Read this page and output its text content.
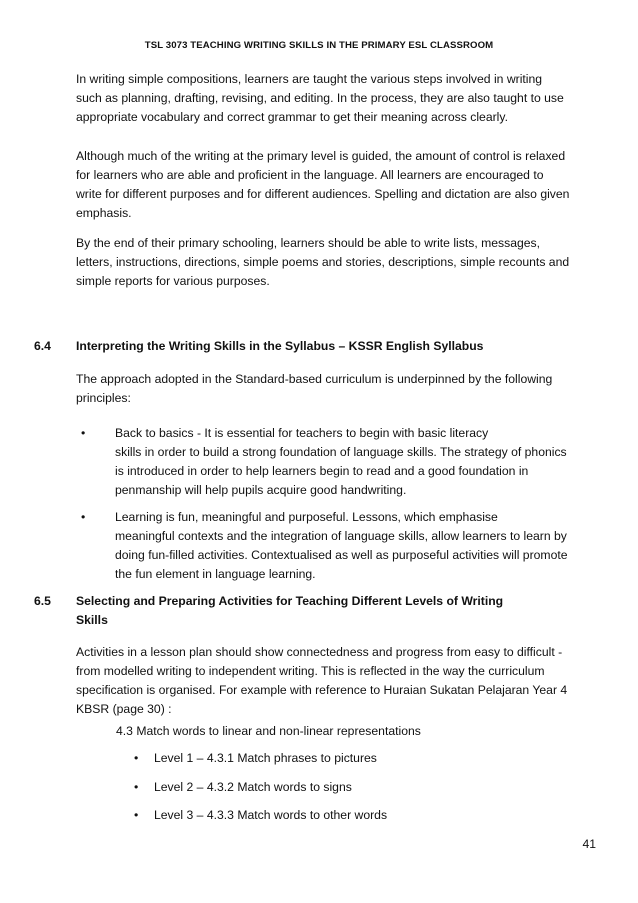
TSL 3073 TEACHING WRITING SKILLS IN THE PRIMARY ESL CLASSROOM
In writing simple compositions, learners are taught the various steps involved in writing
such as planning, drafting, revising, and editing. In the process, they are also taught to use
appropriate vocabulary and correct grammar to get their meaning across clearly.
Although much of the writing at the primary level is guided, the amount of control is relaxed
for learners who are able and proficient in the language. All learners are encouraged to
write for different purposes and for different audiences. Spelling and dictation are also given
emphasis.
By the end of their primary schooling, learners should be able to write lists, messages,
letters, instructions, directions, simple poems and stories, descriptions, simple recounts and
simple reports for various purposes.
6.4 Interpreting the Writing Skills in the Syllabus – KSSR English Syllabus
The approach adopted in the Standard-based curriculum is underpinned by the following
principles:
• Back to basics - It is essential for teachers to begin with basic literacy
skills in order to build a strong foundation of language skills. The strategy of phonics
is introduced in order to help learners begin to read and a good foundation in
penmanship will help pupils acquire good handwriting.
• Learning is fun, meaningful and purposeful. Lessons, which emphasise
meaningful contexts and the integration of language skills, allow learners to learn by
doing fun-filled activities. Contextualised as well as purposeful activities will promote
the fun element in language learning.
6.5 Selecting and Preparing Activities for Teaching Different Levels of Writing
Skills
Activities in a lesson plan should show connectedness and progress from easy to difficult -
from modelled writing to independent writing. This is reflected in the way the curriculum
specification is organised. For example with reference to Huraian Sukatan Pelajaran Year 4
KBSR (page 30) :
4.3 Match words to linear and non-linear representations
• Level 1 – 4.3.1 Match phrases to pictures
• Level 2 – 4.3.2 Match words to signs
• Level 3 – 4.3.3 Match words to other words
41
